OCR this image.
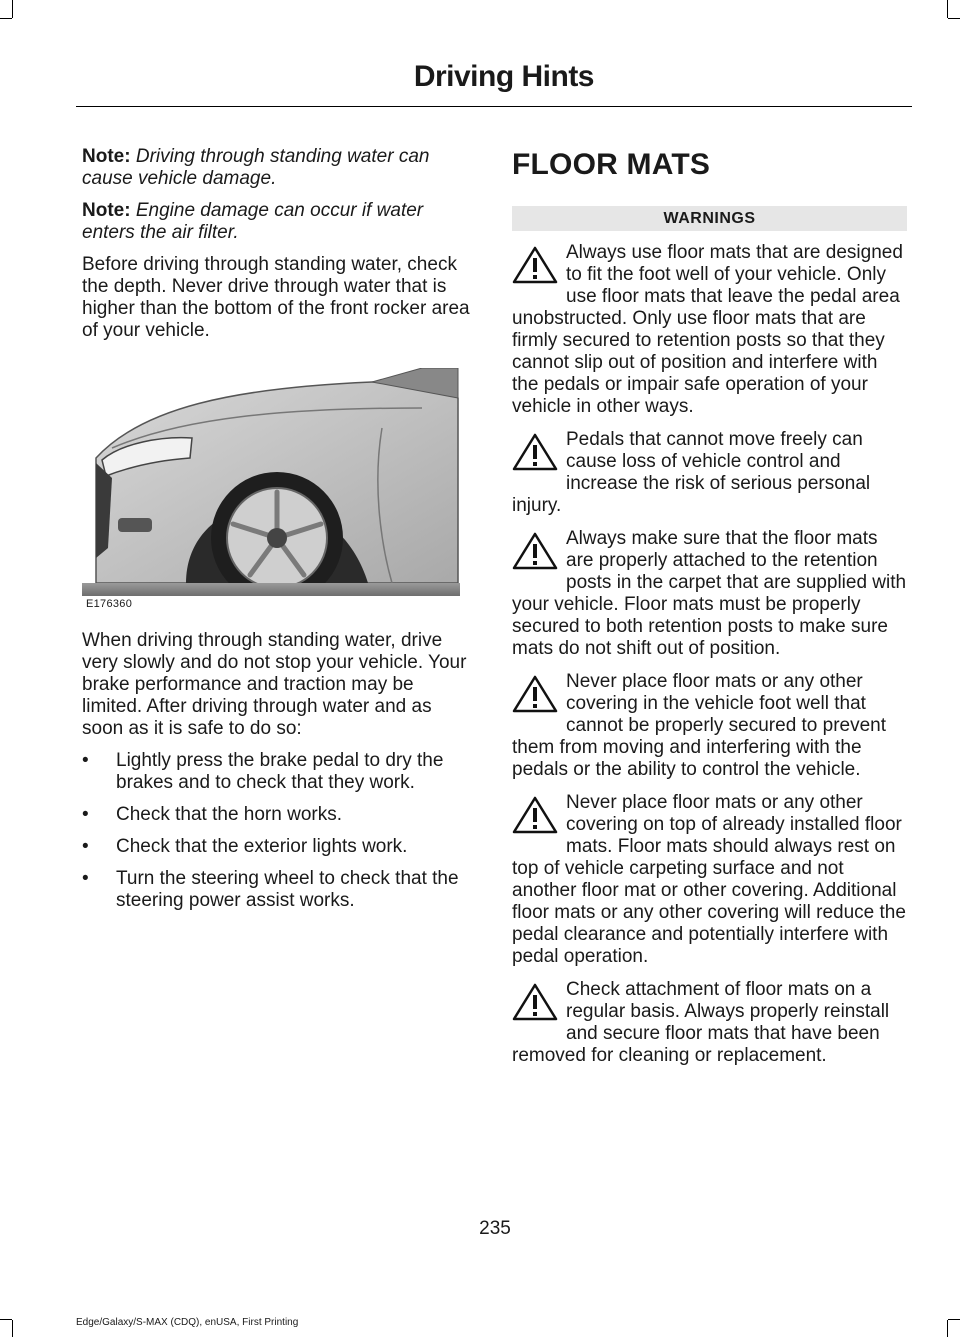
Driving Hints

Note: Driving through standing water can cause vehicle damage.

Note: Engine damage can occur if water enters the air filter.

Before driving through standing water, check the depth. Never drive through water that is higher than the bottom of the front rocker area of your vehicle.

E176360

When driving through standing water, drive very slowly and do not stop your vehicle. Your brake performance and traction may be limited. After driving through water and as soon as it is safe to do so:

•	Lightly press the brake pedal to dry the brakes and to check that they work.
•	Check that the horn works.
•	Check that the exterior lights work.
•	Turn the steering wheel to check that the steering power assist works.
FLOOR MATS
WARNINGS
Always use floor mats that are designed to fit the foot well of your vehicle. Only use floor mats that leave the pedal area unobstructed. Only use floor mats that are firmly secured to retention posts so that they cannot slip out of position and interfere with the pedals or impair safe operation of your vehicle in other ways.
Pedals that cannot move freely can cause loss of vehicle control and increase the risk of serious personal injury.
Always make sure that the floor mats are properly attached to the retention posts in the carpet that are supplied with your vehicle. Floor mats must be properly secured to both retention posts to make sure mats do not shift out of position.
Never place floor mats or any other covering in the vehicle foot well that cannot be properly secured to prevent them from moving and interfering with the pedals or the ability to control the vehicle.
Never place floor mats or any other covering on top of already installed floor mats. Floor mats should always rest on top of vehicle carpeting surface and not another floor mat or other covering. Additional floor mats or any other covering will reduce the pedal clearance and potentially interfere with pedal operation.
Check attachment of floor mats on a regular basis. Always properly reinstall and secure floor mats that have been removed for cleaning or replacement.
235
Edge/Galaxy/S-MAX (CDQ), enUSA, First Printing
